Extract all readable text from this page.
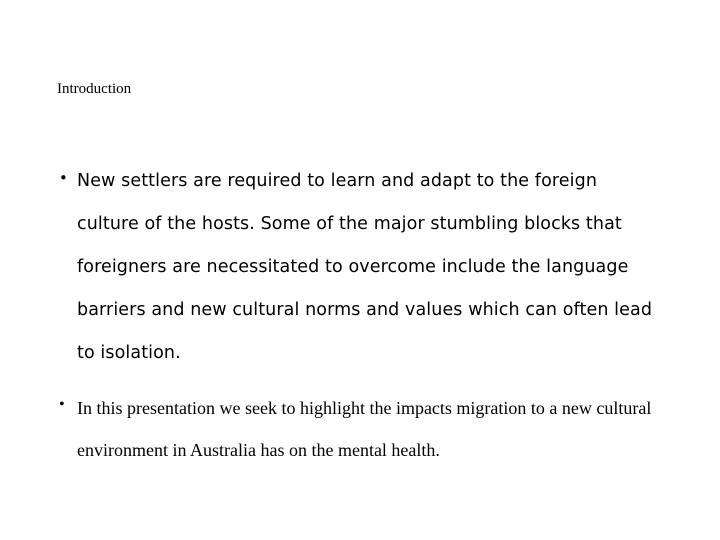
Introduction
• New settlers are required to learn and adapt to the foreign
culture of the hosts. Some of the major stumbling blocks that
foreigners are necessitated to overcome include the language
barriers and new cultural norms and values which can often lead
to isolation.
• In this presentation we seek to highlight the impacts migration to a new cultural
environment in Australia has on the mental health.
